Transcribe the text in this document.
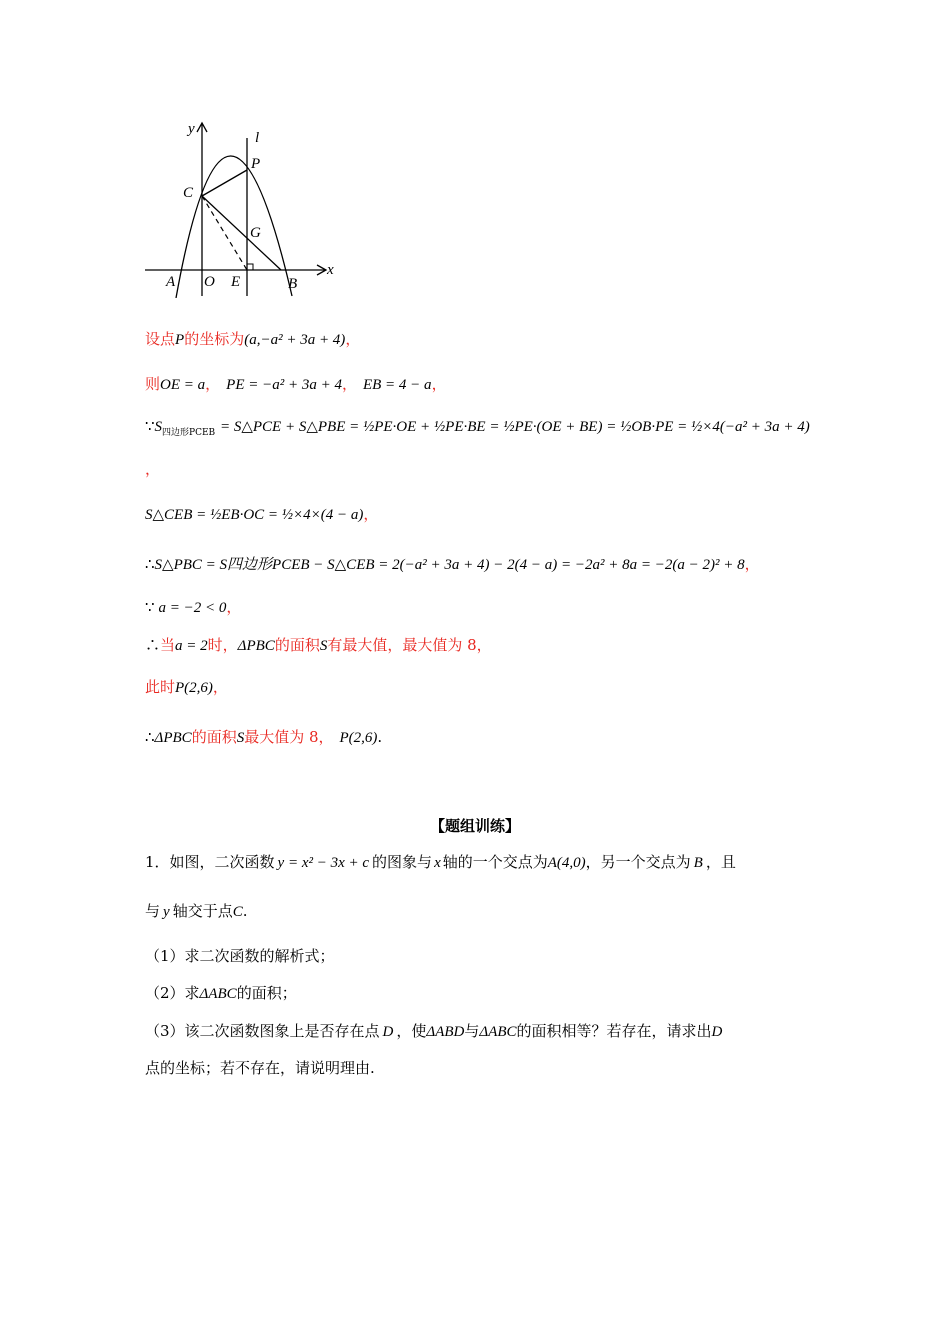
y
l
P
C
G
A O E	B
x
设点P的坐标为(a,−a² + 3a + 4)，
则OE = a， PE = −a² + 3a + 4， EB = 4 − a，
$\because S_{四边形PCEB}$ = S△PCE + S△PBE = ½PE·OE + ½PE·BE = ½PE·(OE + BE) = ½OB·PE = ½×4(−a² + 3a + 4)
，
S△CEB = ½EB·OC = ½×4×(4 − a)，
∴S△PBC = S四边形PCEB − S△CEB = 2(−a² + 3a + 4) − 2(4 − a) = −2a² + 8a = −2(a − 2)² + 8，
∵ a = −2 < 0，
∴当a = 2时，ΔPBC的面积S有最大值，最大值为 8，
此时P(2,6)，
∴ΔPBC的面积S最大值为 8， P(2,6).
【题组训练】
1．如图，二次函数 y = x² − 3x + c 的图象与 x 轴的一个交点为A(4,0)，另一个交点为 B ，且
与 y 轴交于点C.
（1）求二次函数的解析式；
（2）求ΔABC的面积；
（3）该二次函数图象上是否存在点 D ，使ΔABD与ΔABC的面积相等？若存在，请求出D
点的坐标；若不存在，请说明理由.
